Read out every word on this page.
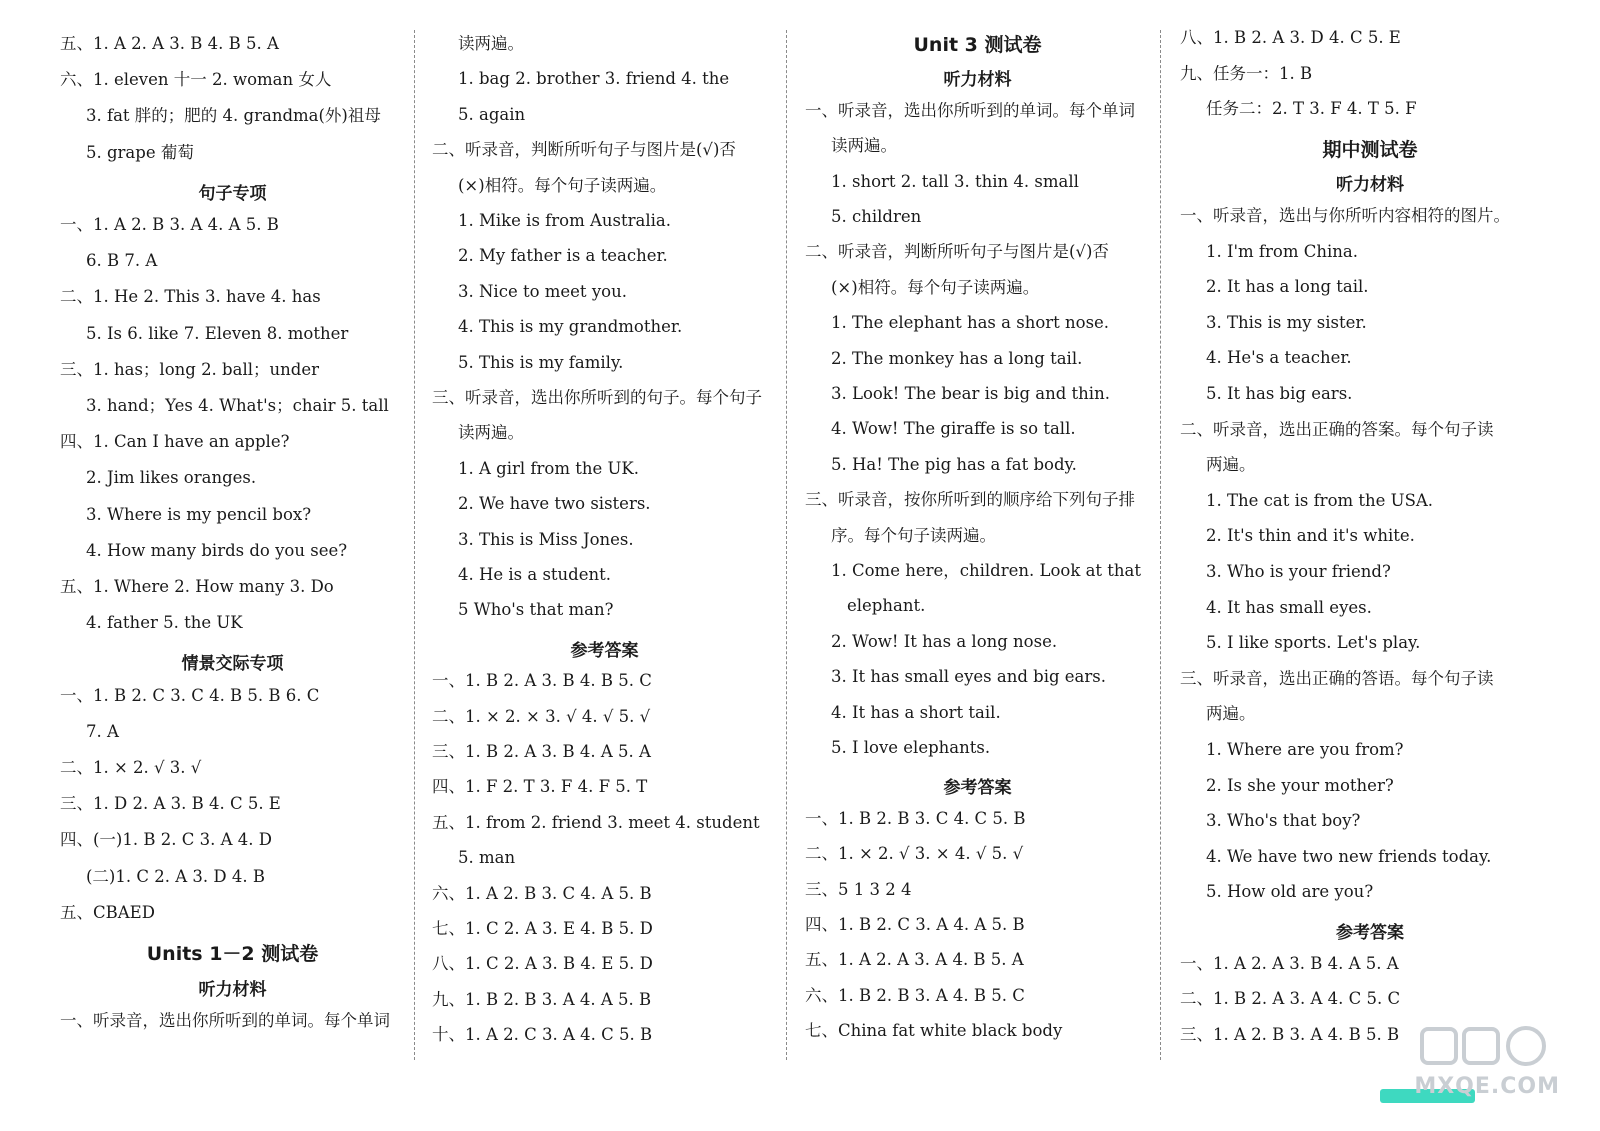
五、1. A 2. A 3. B 4. B 5. A
六、1. eleven 十一 2. woman 女人
3. fat 胖的；肥的 4. grandma(外)祖母
5. grape 葡萄
句子专项
一、1. A 2. B 3. A 4. A 5. B
6. B 7. A
二、1. He 2. This 3. have 4. has
5. Is 6. like 7. Eleven 8. mother
三、1. has；long 2. ball；under
3. hand；Yes 4. What's；chair 5. tall
四、1. Can I have an apple?
2. Jim likes oranges.
3. Where is my pencil box?
4. How many birds do you see?
五、1. Where 2. How many 3. Do
4. father 5. the UK
情景交际专项
一、1. B 2. C 3. C 4. B 5. B 6. C
7. A
二、1. × 2. √ 3. √
三、1. D 2. A 3. B 4. C 5. E
四、(一)1. B 2. C 3. A 4. D
(二)1. C 2. A 3. D 4. B
五、CBAED
Units 1－2 测试卷
听力材料
一、听录音，选出你所听到的单词。每个单词
读两遍。
1. bag 2. brother 3. friend 4. the
5. again
二、听录音，判断所听句子与图片是(√)否
(×)相符。每个句子读两遍。
1. Mike is from Australia.
2. My father is a teacher.
3. Nice to meet you.
4. This is my grandmother.
5. This is my family.
三、听录音，选出你所听到的句子。每个句子
读两遍。
1. A girl from the UK.
2. We have two sisters.
3. This is Miss Jones.
4. He is a student.
5 Who's that man?
参考答案
一、1. B 2. A 3. B 4. B 5. C
二、1. × 2. × 3. √ 4. √ 5. √
三、1. B 2. A 3. B 4. A 5. A
四、1. F 2. T 3. F 4. F 5. T
五、1. from 2. friend 3. meet 4. student
5. man
六、1. A 2. B 3. C 4. A 5. B
七、1. C 2. A 3. E 4. B 5. D
八、1. C 2. A 3. B 4. E 5. D
九、1. B 2. B 3. A 4. A 5. B
十、1. A 2. C 3. A 4. C 5. B
Unit 3 测试卷
听力材料
一、听录音，选出你所听到的单词。每个单词
读两遍。
1. short 2. tall 3. thin 4. small
5. children
二、听录音，判断所听句子与图片是(√)否
(×)相符。每个句子读两遍。
1. The elephant has a short nose.
2. The monkey has a long tail.
3. Look! The bear is big and thin.
4. Wow! The giraffe is so tall.
5. Ha! The pig has a fat body.
三、听录音，按你所听到的顺序给下列句子排
序。每个句子读两遍。
1. Come here，children. Look at that
elephant.
2. Wow! It has a long nose.
3. It has small eyes and big ears.
4. It has a short tail.
5. I love elephants.
参考答案
一、1. B 2. B 3. C 4. C 5. B
二、1. × 2. √ 3. × 4. √ 5. √
三、5 1 3 2 4
四、1. B 2. C 3. A 4. A 5. B
五、1. A 2. A 3. A 4. B 5. A
六、1. B 2. B 3. A 4. B 5. C
七、China fat white black body
八、1. B 2. A 3. D 4. C 5. E
九、任务一：1. B
任务二：2. T 3. F 4. T 5. F
期中测试卷
听力材料
一、听录音，选出与你所听内容相符的图片。
1. I'm from China.
2. It has a long tail.
3. This is my sister.
4. He's a teacher.
5. It has big ears.
二、听录音，选出正确的答案。每个句子读
两遍。
1. The cat is from the USA.
2. It's thin and it's white.
3. Who is your friend?
4. It has small eyes.
5. I like sports. Let's play.
三、听录音，选出正确的答语。每个句子读
两遍。
1. Where are you from?
2. Is she your mother?
3. Who's that boy?
4. We have two new friends today.
5. How old are you?
参考答案
一、1. A 2. A 3. B 4. A 5. A
二、1. B 2. A 3. A 4. C 5. C
三、1. A 2. B 3. A 4. B 5. B
MXQE.COM
